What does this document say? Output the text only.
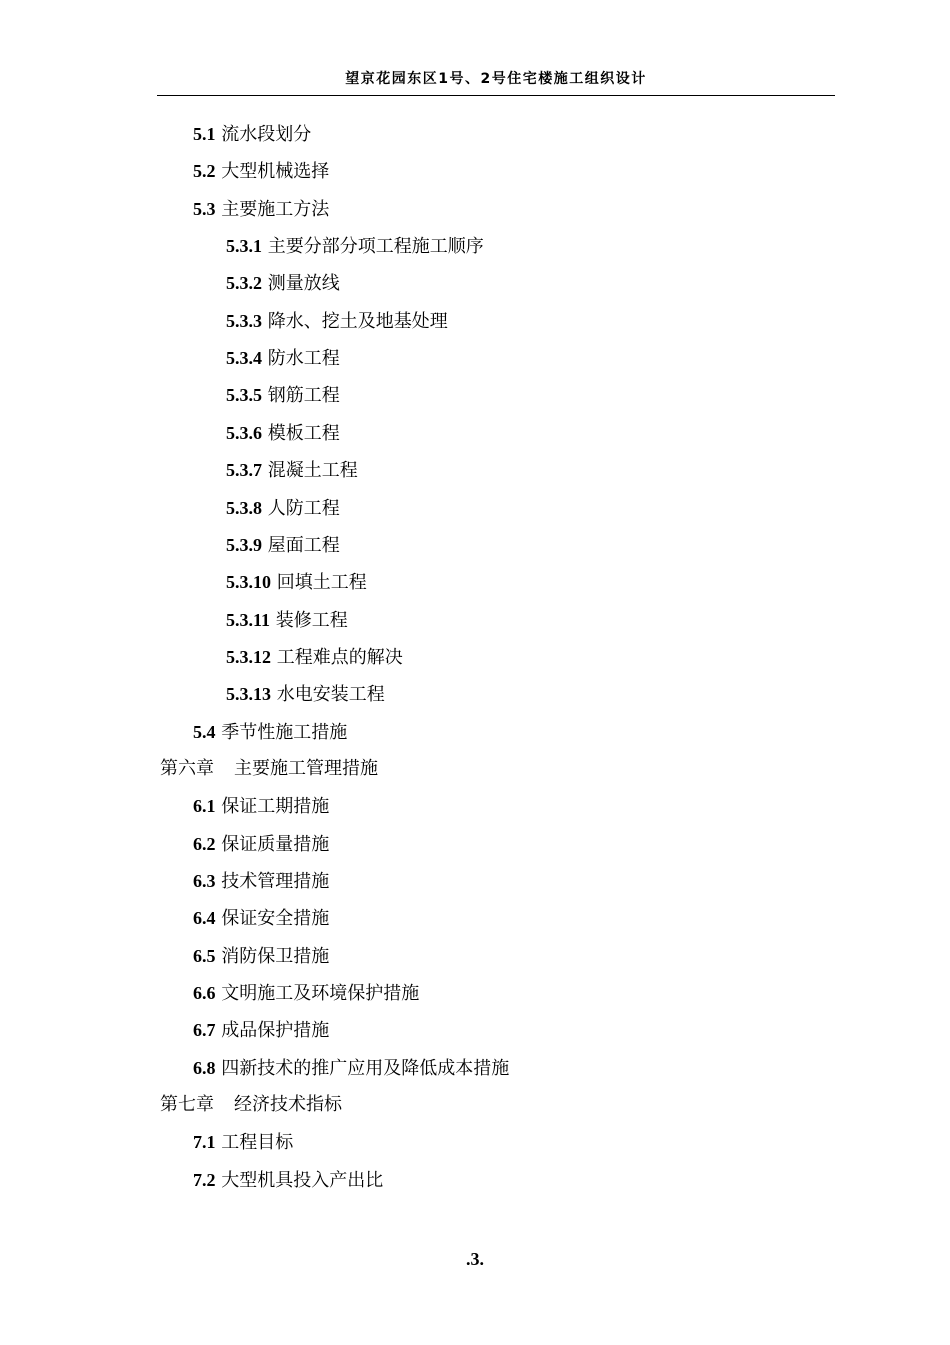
望京花园东区1号、2号住宅楼施工组织设计
5.1 流水段划分
5.2 大型机械选择
5.3 主要施工方法
5.3.1 主要分部分项工程施工顺序
5.3.2 测量放线
5.3.3 降水、挖土及地基处理
5.3.4 防水工程
5.3.5 钢筋工程
5.3.6 模板工程
5.3.7 混凝土工程
5.3.8 人防工程
5.3.9 屋面工程
5.3.10 回填土工程
5.3.11 装修工程
5.3.12 工程难点的解决
5.3.13 水电安装工程
5.4 季节性施工措施
第六章 主要施工管理措施
6.1 保证工期措施
6.2 保证质量措施
6.3 技术管理措施
6.4 保证安全措施
6.5 消防保卫措施
6.6 文明施工及环境保护措施
6.7 成品保护措施
6.8 四新技术的推广应用及降低成本措施
第七章 经济技术指标
7.1 工程目标
7.2 大型机具投入产出比
.3.
